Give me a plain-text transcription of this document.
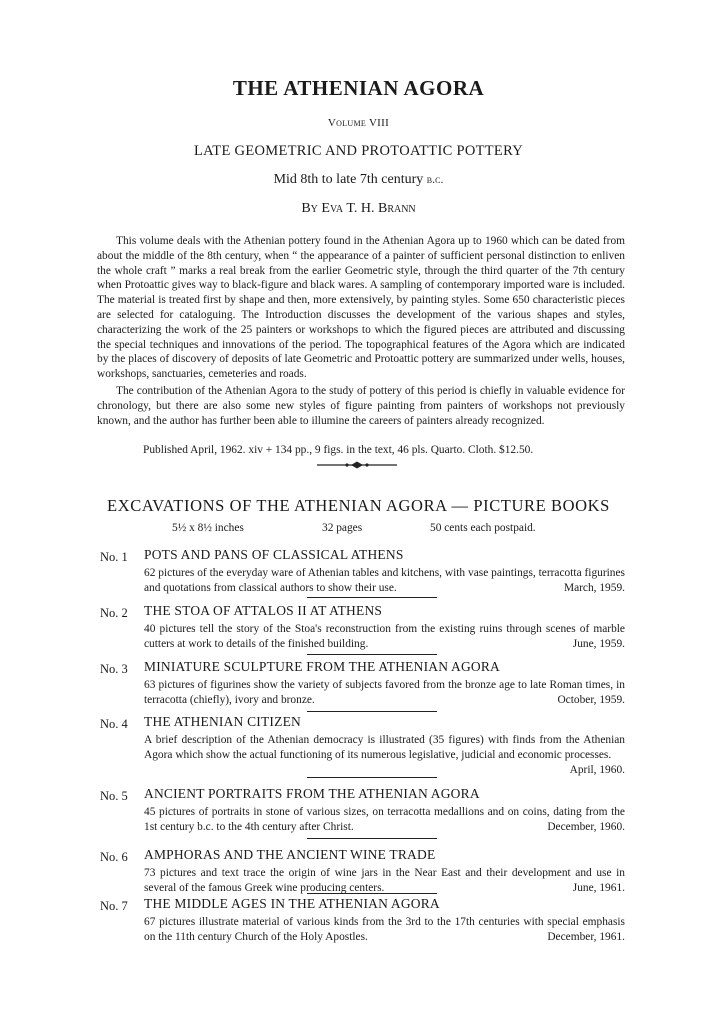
THE ATHENIAN AGORA
Volume VIII
LATE GEOMETRIC AND PROTOATTIC POTTERY
Mid 8th to late 7th century b.c.
By Eva T. H. Brann

This volume deals with the Athenian pottery found in the Athenian Agora up to 1960 which can be dated from about the middle of the 8th century, when “ the appearance of a painter of sufficient personal distinction to enliven the whole craft ” marks a real break from the earlier Geometric style, through the third quarter of the 7th century when Protoattic gives way to black-figure and black wares. A sampling of contemporary imported ware is included. The material is treated first by shape and then, more extensively, by painting styles. Some 650 characteristic pieces are selected for cataloguing. The Introduction discusses the development of the various shapes and styles, characterizing the work of the 25 painters or workshops to which the figured pieces are attributed and discussing the special techniques and innovations of the period. The topographical features of the Agora which are indicated by the places of discovery of deposits of late Geometric and Protoattic pottery are summarized under wells, houses, workshops, sanctuaries, cemeteries and roads.

The contribution of the Athenian Agora to the study of pottery of this period is chiefly in valuable evidence for chronology, but there are also some new styles of figure painting from painters of workshops not previously known, and the author has further been able to illumine the careers of painters already recognized.

Published April, 1962. xiv + 134 pp., 9 figs. in the text, 46 pls. Quarto. Cloth. $12.50.
EXCAVATIONS OF THE ATHENIAN AGORA — PICTURE BOOKS
5½ x 8½ inches	32 pages	50 cents each postpaid.
No. 1 POTS AND PANS OF CLASSICAL ATHENS
62 pictures of the everyday ware of Athenian tables and kitchens, with vase paintings, terracotta figurines and quotations from classical authors to show their use.	March, 1959.
No. 2 THE STOA OF ATTALOS II AT ATHENS
40 pictures tell the story of the Stoa's reconstruction from the existing ruins through scenes of marble cutters at work to details of the finished building.	June, 1959.
No. 3 MINIATURE SCULPTURE FROM THE ATHENIAN AGORA
63 pictures of figurines show the variety of subjects favored from the bronze age to late Roman times, in terracotta (chiefly), ivory and bronze.	October, 1959.
No. 4 THE ATHENIAN CITIZEN
A brief description of the Athenian democracy is illustrated (35 figures) with finds from the Athenian Agora which show the actual functioning of its numerous legislative, judicial and economic processes.
April, 1960.
No. 5 ANCIENT PORTRAITS FROM THE ATHENIAN AGORA
45 pictures of portraits in stone of various sizes, on terracotta medallions and on coins, dating from the 1st century b.c. to the 4th century after Christ.	December, 1960.
No. 6 AMPHORAS AND THE ANCIENT WINE TRADE
73 pictures and text trace the origin of wine jars in the Near East and their development and use in several of the famous Greek wine producing centers.	June, 1961.
No. 7 THE MIDDLE AGES IN THE ATHENIAN AGORA
67 pictures illustrate material of various kinds from the 3rd to the 17th centuries with special emphasis on the 11th century Church of the Holy Apostles.	December, 1961.
